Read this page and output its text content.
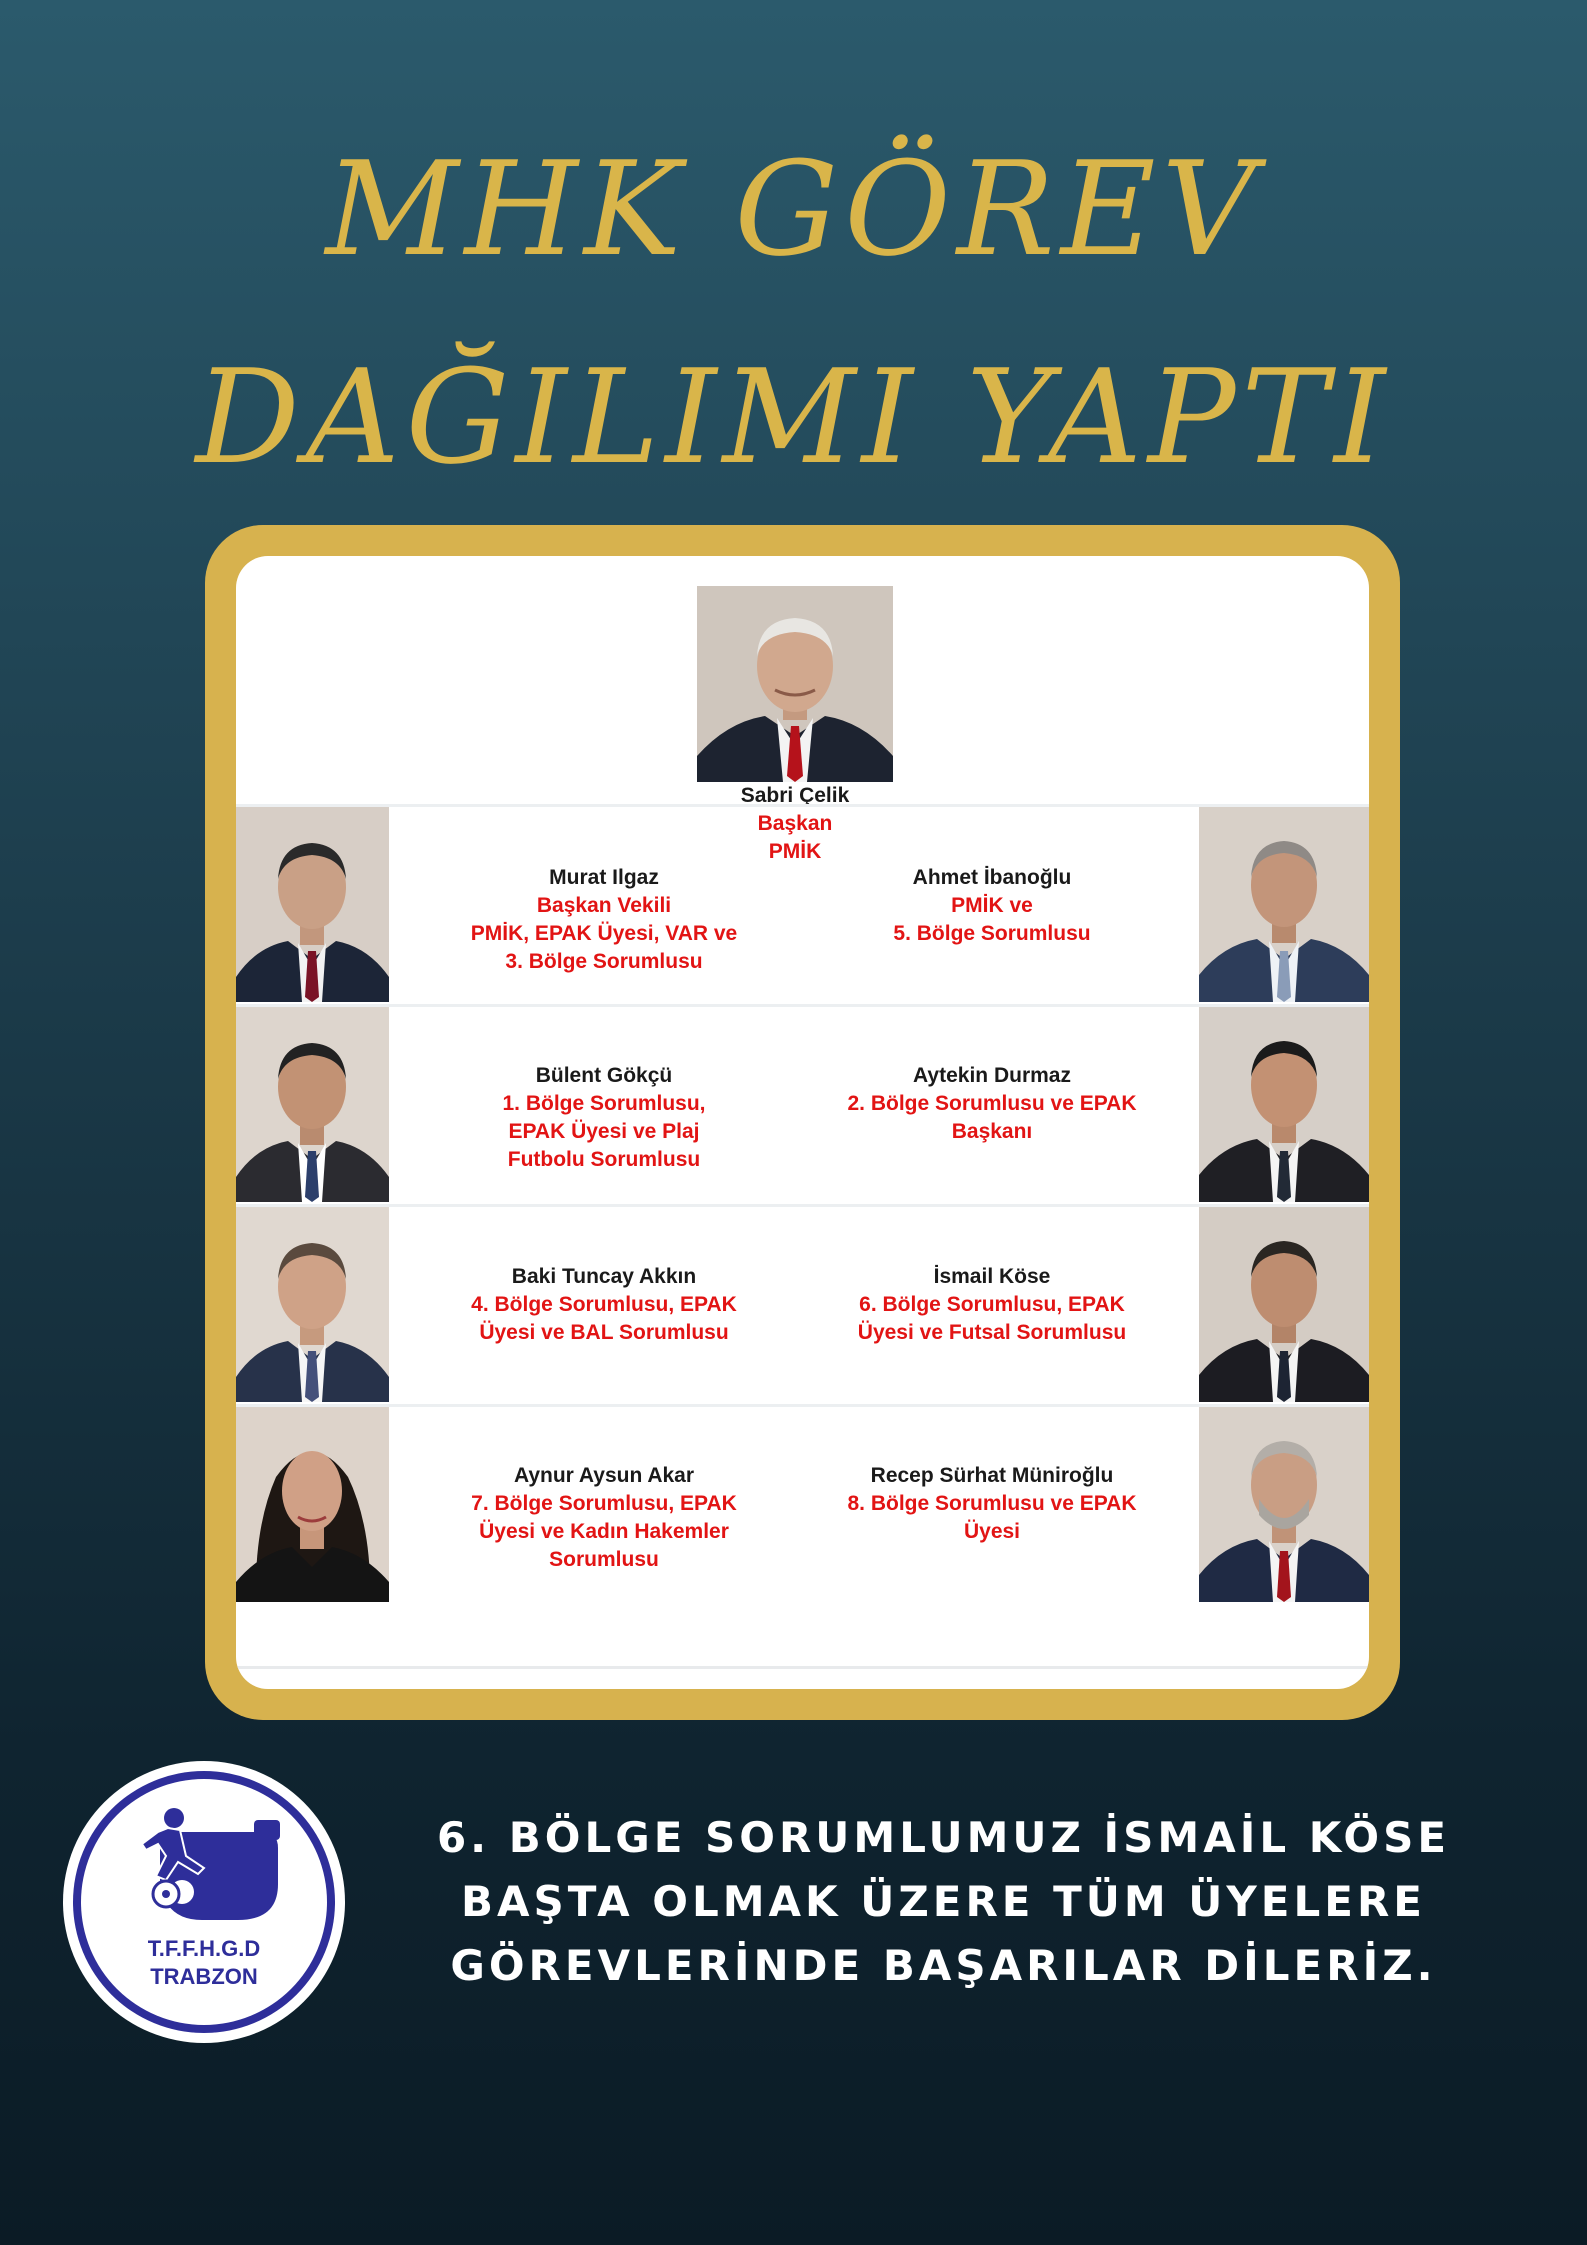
MHK GÖREV
DAĞILIMI YAPTI
Sabri Çelik
Başkan
PMİK
Murat Ilgaz
Başkan Vekili
PMİK, EPAK Üyesi, VAR ve
3. Bölge Sorumlusu
Ahmet İbanoğlu
PMİK ve
5. Bölge Sorumlusu
Bülent Gökçü
1. Bölge Sorumlusu,
EPAK Üyesi ve Plaj
Futbolu Sorumlusu
Aytekin Durmaz
2. Bölge Sorumlusu ve EPAK
Başkanı
Baki Tuncay Akkın
4. Bölge Sorumlusu, EPAK
Üyesi ve BAL Sorumlusu
İsmail Köse
6. Bölge Sorumlusu, EPAK
Üyesi ve Futsal Sorumlusu
Aynur Aysun Akar
7. Bölge Sorumlusu, EPAK
Üyesi ve Kadın Hakemler
Sorumlusu
Recep Sürhat Müniroğlu
8. Bölge Sorumlusu ve EPAK
Üyesi
T.F.F.H.G.D
TRABZON

6. BÖLGE SORUMLUMUZ İSMAİL KÖSE
BAŞTA OLMAK ÜZERE TÜM ÜYELERE
GÖREVLERİNDE BAŞARILAR DİLERİZ.
